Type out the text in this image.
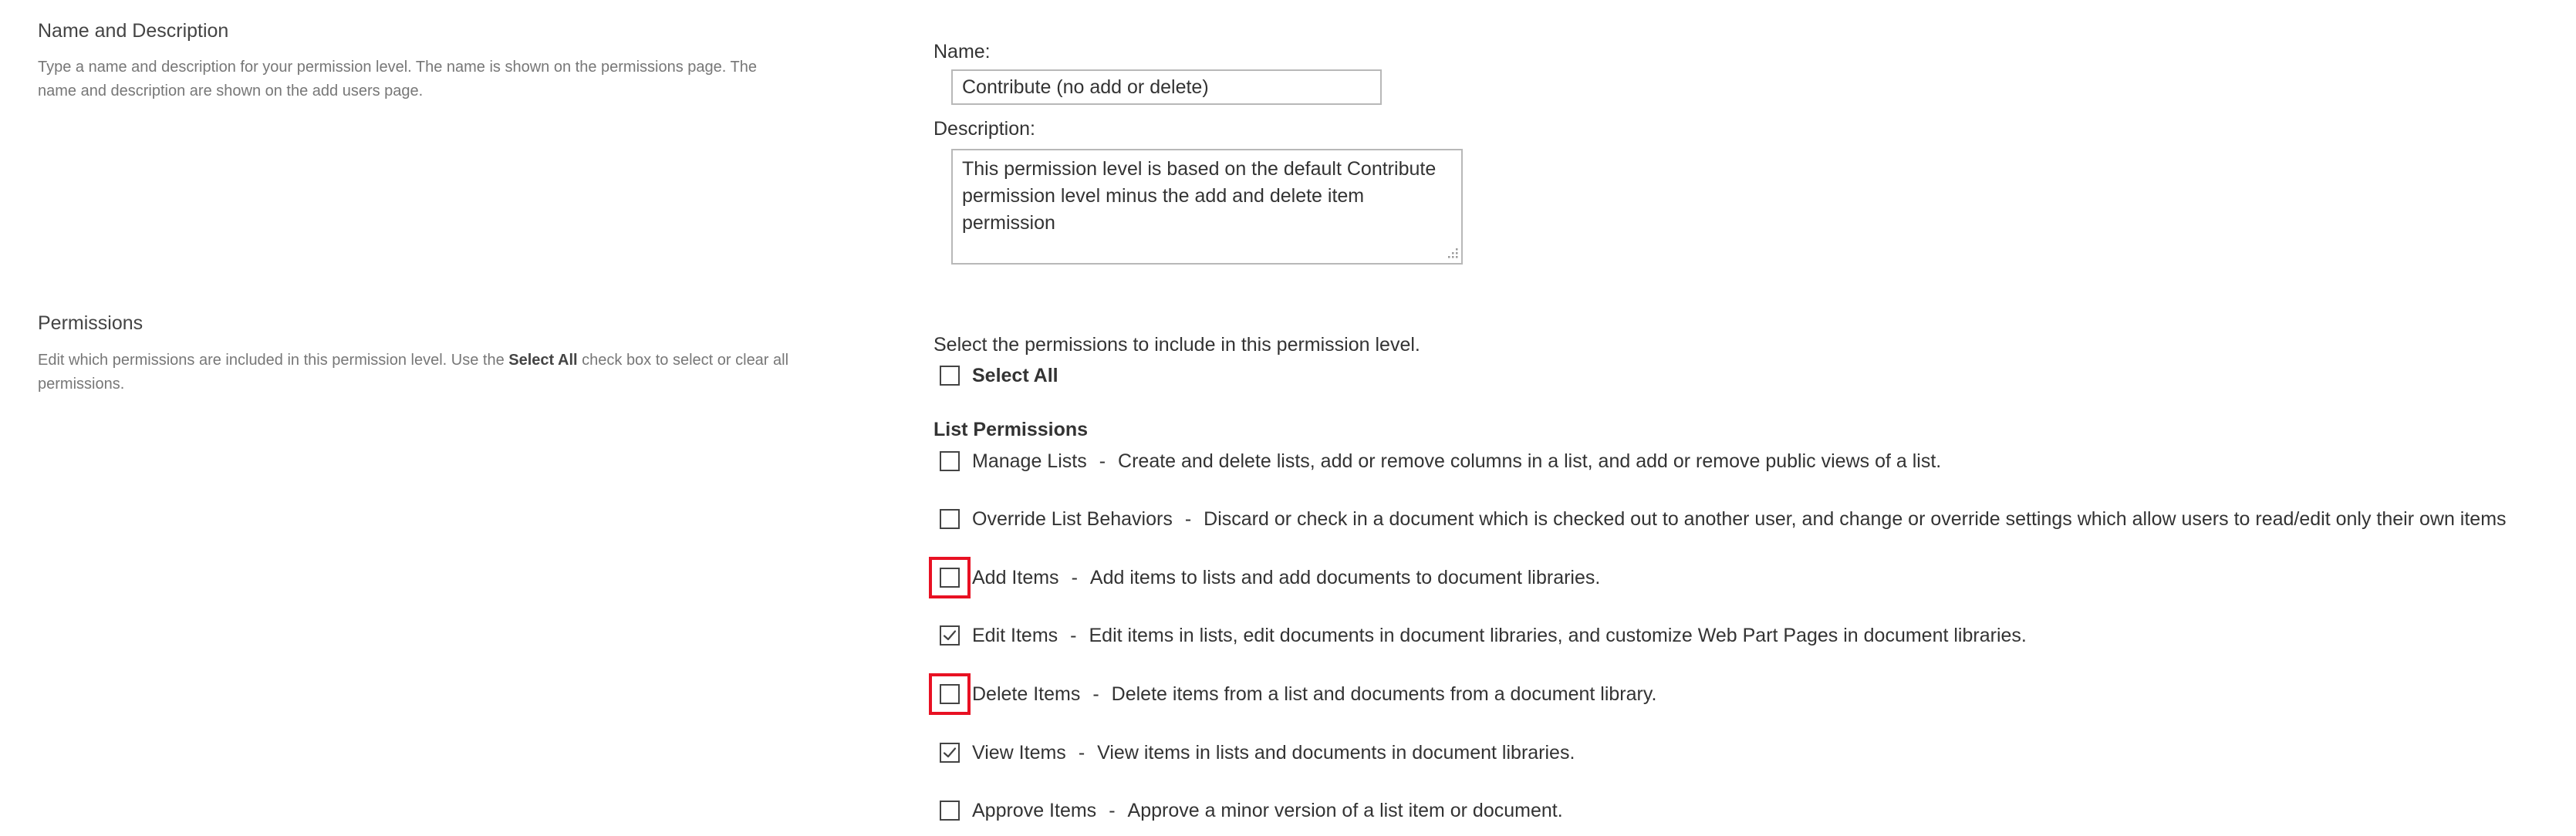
Name and Description
Type a name and description for your permission level. The name is shown on the permissions page. The name and description are shown on the add users page.
Name:
Contribute (no add or delete)
Description:
This permission level is based on the default Contribute permission level minus the add and delete item permission
Permissions
Edit which permissions are included in this permission level. Use the Select All check box to select or clear all permissions.
Select the permissions to include in this permission level.
Select All
List Permissions
Manage Lists - Create and delete lists, add or remove columns in a list, and add or remove public views of a list.
Override List Behaviors - Discard or check in a document which is checked out to another user, and change or override settings which allow users to read/edit only their own items
Add Items - Add items to lists and add documents to document libraries.
Edit Items - Edit items in lists, edit documents in document libraries, and customize Web Part Pages in document libraries.
Delete Items - Delete items from a list and documents from a document library.
View Items - View items in lists and documents in document libraries.
Approve Items - Approve a minor version of a list item or document.
